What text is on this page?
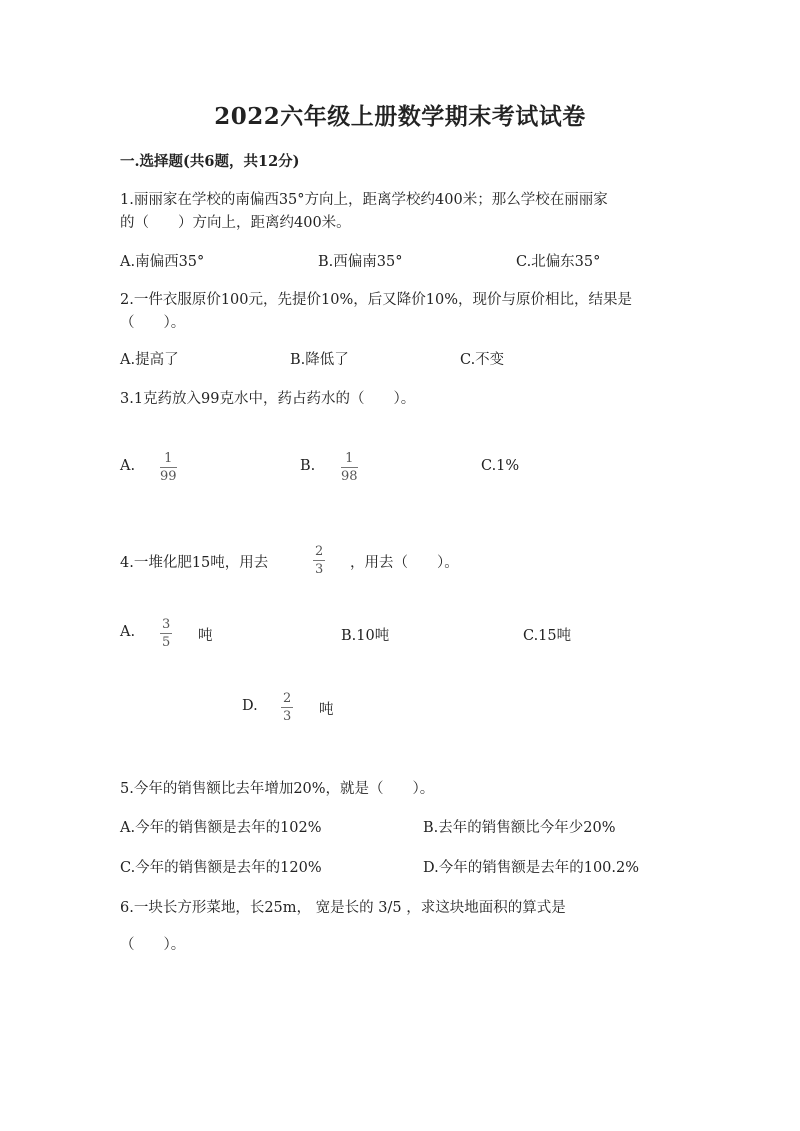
2022六年级上册数学期末考试试卷
一.选择题(共6题，共12分)
1.丽丽家在学校的南偏西35°方向上，距离学校约400米；那么学校在丽丽家
的（　　）方向上，距离约400米。
A.南偏西35°	B.西偏南35°	C.北偏东35°
2.一件衣服原价100元，先提价10%，后又降价10%，现价与原价相比，结果是
（　　）。
A.提高了	B.降低了	C.不变
3.1克药放入99克水中，药占药水的（　　）。
A. 1
99
B. 1
98
C.1%
4.一堆化肥15吨，用去
2
3 ，用去（　　）。
A. 3
5 吨	B.10吨	C.15吨
D. 2
3 吨
5.今年的销售额比去年增加20%，就是（　　）。
A.今年的销售额是去年的102%	B.去年的销售额比今年少20%
C.今年的销售额是去年的120%	D.今年的销售额是去年的100.2%
6.一块长方形菜地，长25m， 宽是长的 3/5 ，求这块地面积的算式是
（　　）。
